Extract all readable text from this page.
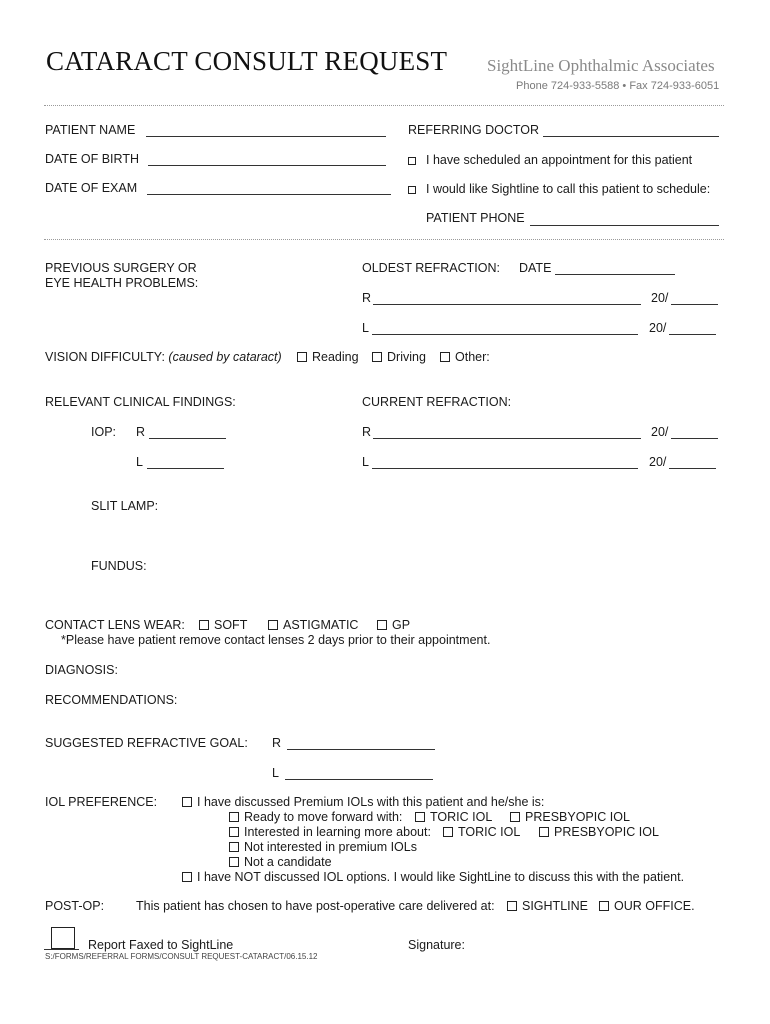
CATARACT CONSULT REQUEST SightLine Ophthalmic Associates
Phone 724-933-5588 • Fax 724-933-6051
PATIENT NAME
DATE OF BIRTH
DATE OF EXAM
REFERRING DOCTOR
I have scheduled an appointment for this patient
I would like Sightline to call this patient to schedule:
PATIENT PHONE
PREVIOUS SURGERY OR
EYE HEALTH PROBLEMS:
OLDEST REFRACTION: DATE
R	20/
L	20/
VISION DIFFICULTY: (caused by cataract)	Reading	Driving	Other:
RELEVANT CLINICAL FINDINGS:	CURRENT REFRACTION:
IOP: R
L
R	20/
L	20/
SLIT LAMP:
FUNDUS:
CONTACT LENS WEAR:	SOFT	ASTIGMATIC	GP
*Please have patient remove contact lenses 2 days prior to their appointment.
DIAGNOSIS:
RECOMMENDATIONS:
SUGGESTED REFRACTIVE GOAL: R
L
IOL PREFERENCE:	I have discussed Premium IOLs with this patient and he/she is:
Ready to move forward with:	TORIC IOL	PRESBYOPIC IOL
Interested in learning more about:	TORIC IOL	PRESBYOPIC IOL
Not interested in premium IOLs
Not a candidate
I have NOT discussed IOL options. I would like SightLine to discuss this with the patient.
POST-OP:	This patient has chosen to have post-operative care delivered at:	SIGHTLINE	OUR OFFICE.
Report Faxed to SightLine	Signature:
S:/FORMS/REFERRAL FORMS/CONSULT REQUEST-CATARACT/06.15.12
